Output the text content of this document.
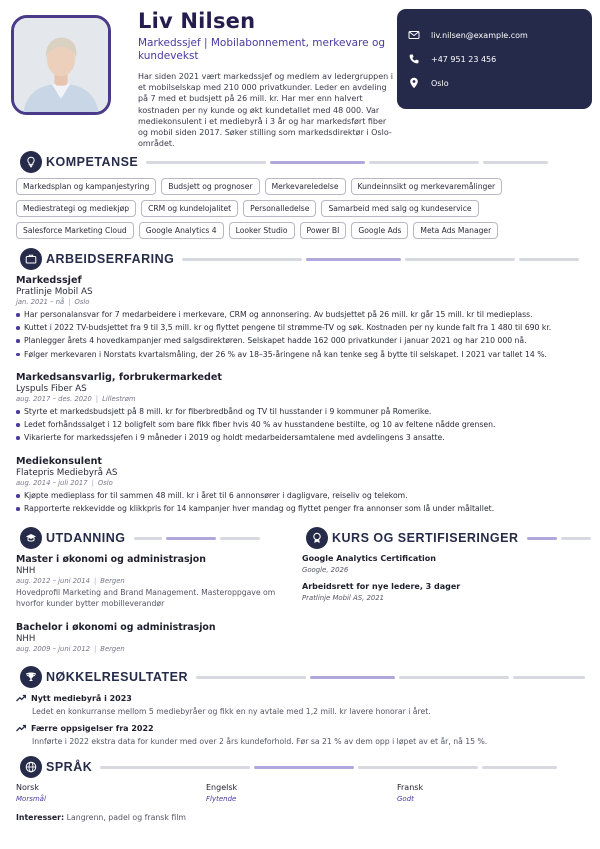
Liv Nilsen
Markedssjef | Mobilabonnement, merkevare og kundevekst
Har siden 2021 vært markedssjef og medlem av ledergruppen i et mobilselskap med 210 000 privatkunder. Leder en avdeling på 7 med et budsjett på 26 mill. kr. Har mer enn halvert kostnaden per ny kunde og økt kundetallet med 48 000. Var mediekonsulent i et mediebyrå i 3 år og har markedsført fiber og mobil siden 2017. Søker stilling som markedsdirektør i Oslo-området.
liv.nilsen@example.com
+47 951 23 456
Oslo
KOMPETANSE
Markedsplan og kampanjestyring	Budsjett og prognoser	Merkevareledelse	Kundeinnsikt og merkevaremålinger
Mediestrategi og mediekjøp	CRM og kundelojalitet	Personalledelse	Samarbeid med salg og kundeservice
Salesforce Marketing Cloud	Google Analytics 4	Looker Studio	Power BI	Google Ads	Meta Ads Manager
ARBEIDSERFARING
Markedssjef
Pratlinje Mobil AS
jan. 2021 – nå | Oslo
Har personalansvar for 7 medarbeidere i merkevare, CRM og annonsering. Av budsjettet på 26 mill. kr går 15 mill. kr til medieplass.
Kuttet i 2022 TV-budsjettet fra 9 til 3,5 mill. kr og flyttet pengene til strømme-TV og søk. Kostnaden per ny kunde falt fra 1 480 til 690 kr.
Planlegger årets 4 hovedkampanjer med salgsdirektøren. Selskapet hadde 162 000 privatkunder i januar 2021 og har 210 000 nå.
Følger merkevaren i Norstats kvartalsmåling, der 26 % av 18–35-åringene nå kan tenke seg å bytte til selskapet. I 2021 var tallet 14 %.
Markedsansvarlig, forbrukermarkedet
Lyspuls Fiber AS
aug. 2017 – des. 2020 | Lillestrøm
Styrte et markedsbudsjett på 8 mill. kr for fiberbredbånd og TV til husstander i 9 kommuner på Romerike.
Ledet forhåndssalget i 12 boligfelt som bare fikk fiber hvis 40 % av husstandene bestilte, og 10 av feltene nådde grensen.
Vikarierte for markedssjefen i 9 måneder i 2019 og holdt medarbeidersamtalene med avdelingens 3 ansatte.
Mediekonsulent
Flatepris Mediebyrå AS
aug. 2014 – juli 2017 | Oslo
Kjøpte medieplass for til sammen 48 mill. kr i året til 6 annonsører i dagligvare, reiseliv og telekom.
Rapporterte rekkevidde og klikkpris for 14 kampanjer hver mandag og flyttet penger fra annonser som lå under måltallet.
UTDANNING
Master i økonomi og administrasjon
NHH
aug. 2012 – juni 2014 | Bergen
Hovedprofil Marketing and Brand Management. Masteroppgave om hvorfor kunder bytter mobilleverandør
Bachelor i økonomi og administrasjon
NHH
aug. 2009 – juni 2012 | Bergen
KURS OG SERTIFISERINGER
Google Analytics Certification
Google, 2026
Arbeidsrett for nye ledere, 3 dager
Pratlinje Mobil AS, 2021
NØKKELRESULTATER
Nytt mediebyrå i 2023
Ledet en konkurranse mellom 5 mediebyråer og fikk en ny avtale med 1,2 mill. kr lavere honorar i året.
Færre oppsigelser fra 2022
Innførte i 2022 ekstra data for kunder med over 2 års kundeforhold. Før sa 21 % av dem opp i løpet av et år, nå 15 %.
SPRÅK
Norsk
Morsmål
Engelsk
Flytende
Fransk
Godt
Interesser: Langrenn, padel og fransk film
